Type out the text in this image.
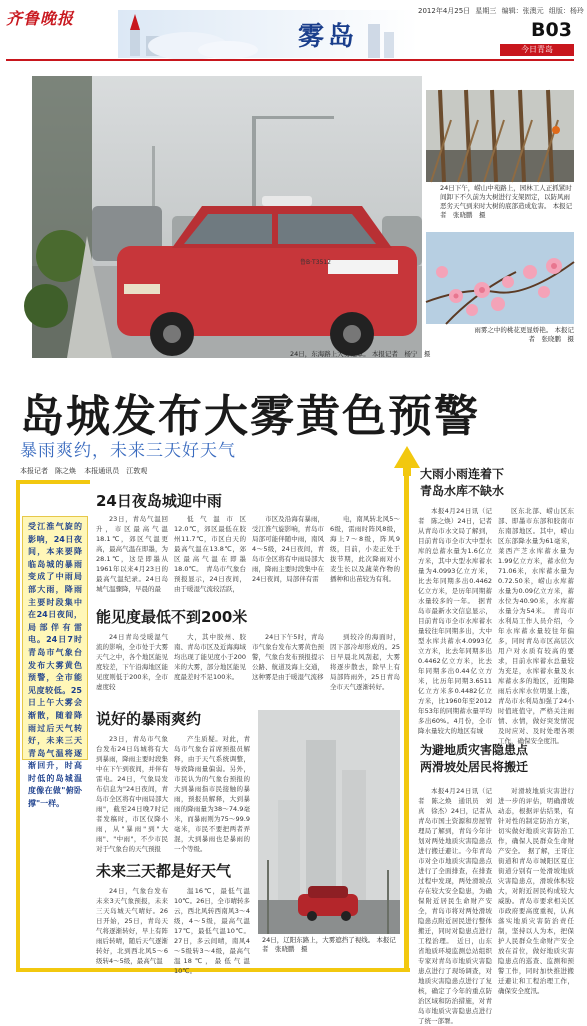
齐鲁晚报
雾岛
2012年4月25日 星期三 编辑：张澳元 组版：杨玲
B03
今日青岛
24日，东海路上大雾笼罩。 本报记者　杨宁　摄
24日下午，崂山中苑路上，园林工人正抓紧时间卸下不久前为大树进行支架固定，以防风雨恶劣天气到来时大树的底部造成危害。 本报记者　张晓鹏　摄
雨雾之中的桃花更显娇艳。 本报记者　张晓鹏　摄
岛城发布大雾黄色预警
暴雨爽约，未来三天好天气
本报记者　陈之焕 本报通讯员　江敦观
受江淮气旋的影响，24日夜间，本来要降临岛城的暴雨变成了中雨局部大雨，降雨主要时段集中在24日夜间，局部伴有雷电。24日7时青岛市气象台发布大雾黄色预警，全市能见度较低。25日上午大雾会渐散，随着降雨过后天气转好，未来三天青岛气温将逐渐回升，时高时低的岛城温度像在做"俯卧撑"一样。
24日夜岛城迎中雨

23日，青岛气温回升，市区最高气温18.1℃，郊区气温更高，最高气温在即墨，为28.1℃，这是即墨从1961年以来4月23日的最高气温纪录。24日岛城气温骤降，早晨的最

低气温市区12.0℃，郊区最低在胶州11.7℃，市区白天的最高气温在13.8℃，郊区最高气温在即墨18.0℃。　青岛市气象台预报显示，24日夜间，由于暖湿气流较活跃，

市区及沿海有暴雨，受江淮气旋影响，青岛市局部可能伴随中雨，南风4～5级，24日夜间，青岛市全区将有中雨局部大雨，降雨主要时段集中在24日夜间，局部伴有雷

电，南风转北风5～6级，雷雨时阵风8级，海上7～8级，阵风9级，目前，小麦正处于拔节期，此次降雨对小麦生长以及蔬菜作物的播种和出苗较为有利。

能见度最低不到200米

24日青岛受暖湿气流的影响，全市处于大雾天气之中，各个地区能见度较差，下午沿海地区能见度则低于200米，全市虚度较

大，其中胶州、胶南、青岛市区及近海海域均出现了能见度小于200米的大雾，部分地区能见度最差时不足100米。

24日下午5时，青岛市气象台发布大雾黄色预警，气象台发布预报提示公路、航道及海上交通，这种雾是由于暖湿气流移

到较冷的海面时，因下部冷却形成的。25日早晨北风刮起，大雾将逐步散去，除早上有局部阵雨外，25日青岛全市天气逐渐转好。

说好的暴雨爽约

23日，青岛市气象台发布24日岛城将有大到暴雨，降雨主要时段集中在下午到夜间，并伴有雷电。24日，气象局发布信息为"24日夜间，青岛市全区将有中雨局部大雨"，截至24日晚7时记者发稿时，市区仅降小雨，从"暴雨"到"大雨"、"中雨"，不少市民对于气象台的天气预报

产生质疑。对此，青岛市气象台首席预报员解释，由于天气系统调整，导致降雨量偏弱。另外，市民认为的气象台预报的大到暴雨指市民接触的暴雨，预报员解释，大到暴雨的降雨量为38～74.9毫米，而暴雨则为75～99.9毫米，市民不要把两者弄混，大到暴雨也是暴雨的一个等级。

未来三天都是好天气

24日，气象台发布未来3天气象预报，未来三天岛城天气晴好。26日开始，25日，青岛天气将逐渐转好，早上有阵雨后转晴，随后天气逐渐转好，北到西北风5～6级转4～5级，最高气温

温16℃，最低气温10℃。26日，全市晴转多云，西北风转西南风3～4级，4～5级，最高气温17℃，最低气温10℃。27日，多云间晴，南风4～5级转3～4级，最高气温18℃，最低气温10℃。

24日，辽阳东路上，大雾遮挡了视线。 本报记者　张晓鹏　摄
大雨小雨连着下
青岛水库不缺水

本报4月24日讯（记者　陈之焕）24日，记者从青岛市水文局了解到，目前青岛市全市大中型水库的总蓄水量为1.6亿立方米，其中大型水库蓄水量为4.0993亿立方米，比去年同期多出0.4462亿立方米，是历年同期蓄水量较多的一年。　据青岛市最新水文信息显示，目前青岛市全市水库蓄水量较往年同期多出，大中型水库共蓄水4.0993亿立方米，比去年同期多出0.4462亿立方米，比去年同期多出0.44亿立方米，比历年同期3.6511亿立方米多0.4482亿立方米，比1960年至2012年53年的同期蓄水量平均多出60%。4月份，全市降水量较大的地区有城

区东北部、崂山区东部、即墨市东部和胶南市东南部地区。其中，崂山区东部降水量为61毫米，莱西产芝水库蓄水量为1.99亿立方米，蓄水位为71.06米，水库蓄水量为0.72.50米，崂山水库蓄水量为0.09亿立方米，蓄水位为40.90米，水库蓄水量分为54米。　青岛市水利局工作人员介绍，今年水库蓄水量较往年偏多，同时青岛市区高层次用户对水质有较高的要求，目前水库蓄水总量较为充足，水库蓄水量及水库蓄水多的地区，近期降雨后水库水位明显上涨，青岛市水利局加强了24小时值班值守，严格关注雨情、水情，做好突发情况及时应对、及时处理各项工作，确保安全度汛。

为避地质灾害隐患点
两滑坡处居民将搬迁

本报4月24日讯（记者　陈之焕　通讯员　刘真　徐杰）24日，记者从青岛市国土资源和房屋管理局了解到，青岛今年计划对两处地质灾害隐患点进行搬迁避让。今年青岛市对全市地质灾害隐患点进行了全面排查，在排查过程中发现，两处滑坡点存在较大安全隐患，为确保附近居民生命财产安全，青岛市将对两处滑坡隐患点附近居民进行整体搬迁，同时对隐患点进行工程治理。　近日，山东省地质环境监测总站组织专家对青岛市地质灾害隐患点进行了现场调查，对地质灾害隐患点进行了复核，确定了今年的重点防治区域和防治措施，对青岛市地质灾害隐患点进行了统一部署。

对滑坡地质灾害进行进一步的评估，明确滑坡动态，根据评估结果，有针对性的制定防治方案，切实做好地质灾害防治工作，确保人民群众生命财产安全。　据了解，王哥庄街道和青岛市城阳区夏庄街道分别有一处滑坡地质灾害隐患点，滑坡体积较大，对附近居民构成较大威胁。青岛市要求相关区市政府要高度重视，认真落实地质灾害防治责任制，坚持以人为本，把保护人民群众生命财产安全放在首位，做好地质灾害隐患点的巡查、监测和预警工作，同时加快推进搬迁避让和工程治理工作，确保安全度汛。

鲁B·T3512
